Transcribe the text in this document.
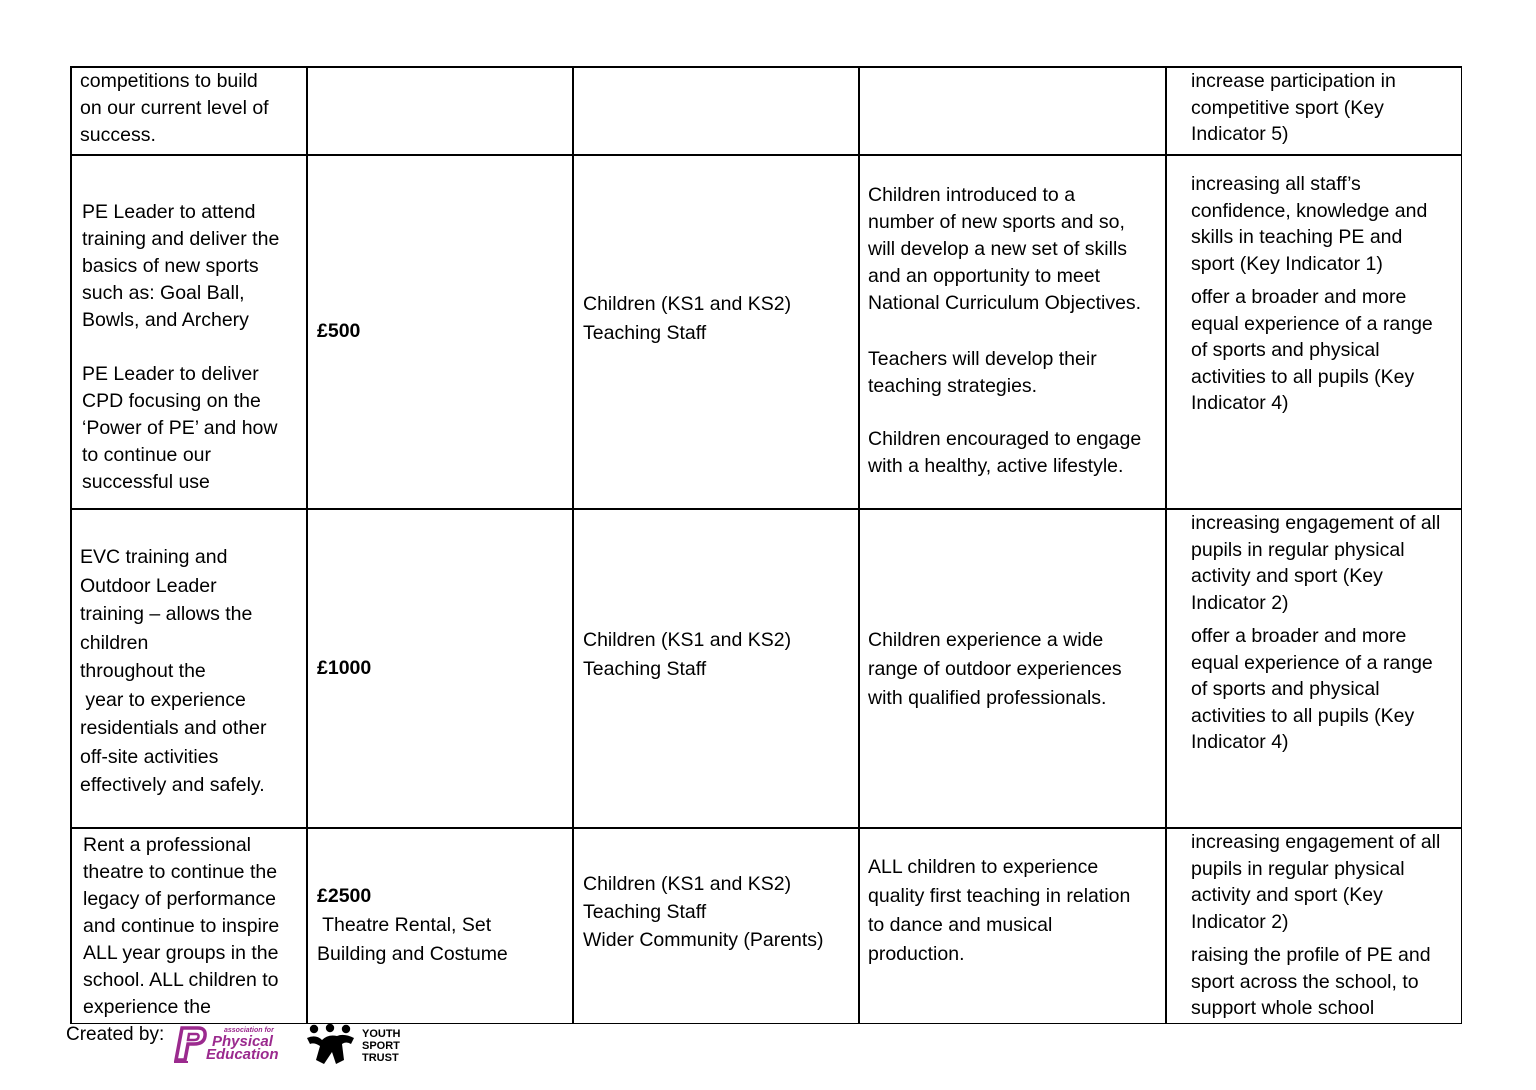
competitions to build
on our current level of
success.
increase participation in
competitive sport (Key
Indicator 5)
PE Leader to attend
training and deliver the
basics of new sports
such as: Goal Ball,
Bowls, and Archery
PE Leader to deliver
CPD focusing on the
‘Power of PE’ and how
to continue our
successful use
£500
Children (KS1 and KS2)
Teaching Staff
Children introduced to a
number of new sports and so,
will develop a new set of skills
and an opportunity to meet
National Curriculum Objectives.
Teachers will develop their
teaching strategies.
Children encouraged to engage
with a healthy, active lifestyle.
increasing all staff’s
confidence, knowledge and
skills in teaching PE and
sport (Key Indicator 1)
offer a broader and more
equal experience of a range
of sports and physical
activities to all pupils (Key
Indicator 4)
EVC training and
Outdoor Leader
training – allows the
children
throughout the
year to experience
residentials and other
off-site activities
effectively and safely.
£1000
Children (KS1 and KS2)
Teaching Staff
Children experience a wide
range of outdoor experiences
with qualified professionals.
increasing engagement of all
pupils in regular physical
activity and sport (Key
Indicator 2)
offer a broader and more
equal experience of a range
of sports and physical
activities to all pupils (Key
Indicator 4)
Rent a professional
theatre to continue the
legacy of performance
and continue to inspire
ALL year groups in the
school. ALL children to
experience the
£2500
Theatre Rental, Set
Building and Costume
Children (KS1 and KS2)
Teaching Staff
Wider Community (Parents)
ALL children to experience
quality first teaching in relation
to dance and musical
production.
increasing engagement of all
pupils in regular physical
activity and sport (Key
Indicator 2)
raising the profile of PE and
sport across the school, to
support whole school
Created by:	association for
Physical
Education
YOUTH
SPORT
TRUST
